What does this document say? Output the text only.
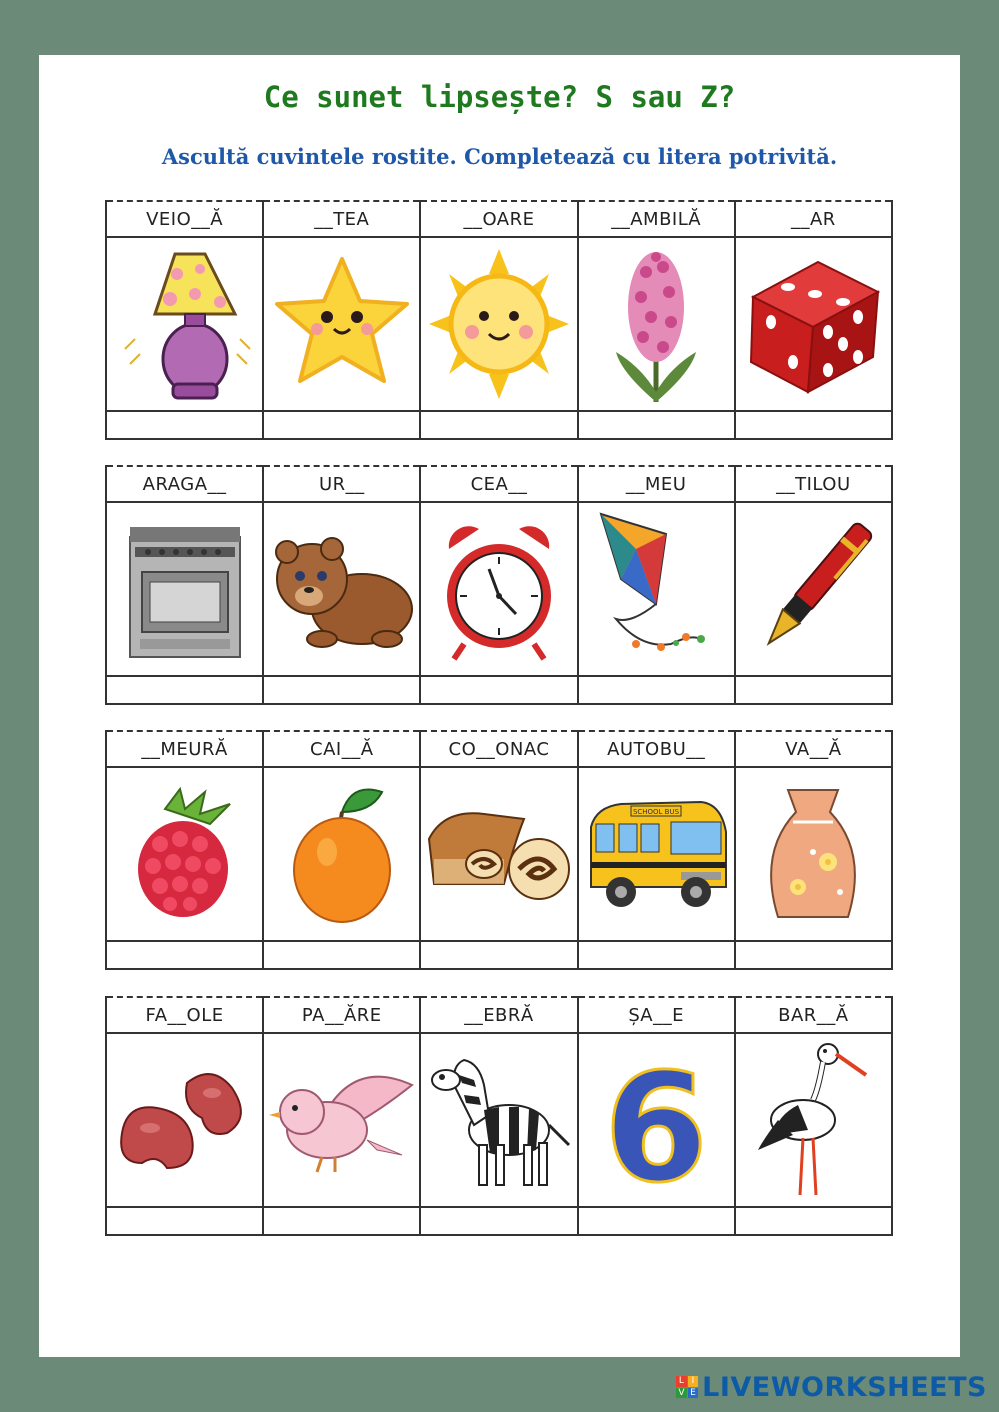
Ce sunet lipsește? S sau Z?
Ascultă cuvintele rostite. Completează cu litera potrivită.
VEIO__Ă	__TEA	__OARE	__AMBILĂ	__AR

ARAGA__	UR__	CEA__	__MEU	__TILOU

__MEURĂ	CAI__Ă	CO__ONAC	AUTOBU__	VA__Ă

SCHOOL BUS

FA__OLE	PA__ĂRE	__EBRĂ	ȘA__E	BAR__Ă

6

L I
V E LIVEWORKSHEETS
